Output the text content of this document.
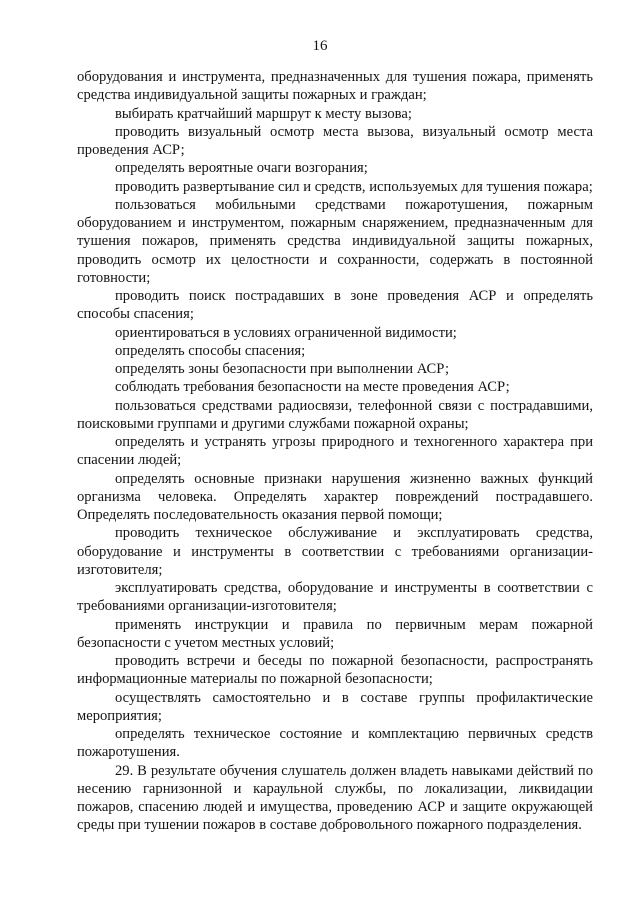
16

оборудования и инструмента, предназначенных для тушения пожара, применять средства индивидуальной защиты пожарных и граждан;

выбирать кратчайший маршрут к месту вызова;

проводить визуальный осмотр места вызова, визуальный осмотр места проведения АСР;

определять вероятные очаги возгорания;

проводить развертывание сил и средств, используемых для тушения пожара;

пользоваться мобильными средствами пожаротушения, пожарным оборудованием и инструментом, пожарным снаряжением, предназначенным для тушения пожаров, применять средства индивидуальной защиты пожарных, проводить осмотр их целостности и сохранности, содержать в постоянной готовности;

проводить поиск пострадавших в зоне проведения АСР и определять способы спасения;

ориентироваться в условиях ограниченной видимости;

определять способы спасения;

определять зоны безопасности при выполнении АСР;

соблюдать требования безопасности на месте проведения АСР;

пользоваться средствами радиосвязи, телефонной связи с пострадавшими, поисковыми группами и другими службами пожарной охраны;

определять и устранять угрозы природного и техногенного характера при спасении людей;

определять основные признаки нарушения жизненно важных функций организма человека. Определять характер повреждений пострадавшего. Определять последовательность оказания первой помощи;

проводить техническое обслуживание и эксплуатировать средства, оборудование и инструменты в соответствии с требованиями организации-изготовителя;

эксплуатировать средства, оборудование и инструменты в соответствии с требованиями организации-изготовителя;

применять инструкции и правила по первичным мерам пожарной безопасности с учетом местных условий;

проводить встречи и беседы по пожарной безопасности, распространять информационные материалы по пожарной безопасности;

осуществлять самостоятельно и в составе группы профилактические мероприятия;

определять техническое состояние и комплектацию первичных средств пожаротушения.

29. В результате обучения слушатель должен владеть навыками действий по несению гарнизонной и караульной службы, по локализации, ликвидации пожаров, спасению людей и имущества, проведению АСР и защите окружающей среды при тушении пожаров в составе добровольного пожарного подразделения.
